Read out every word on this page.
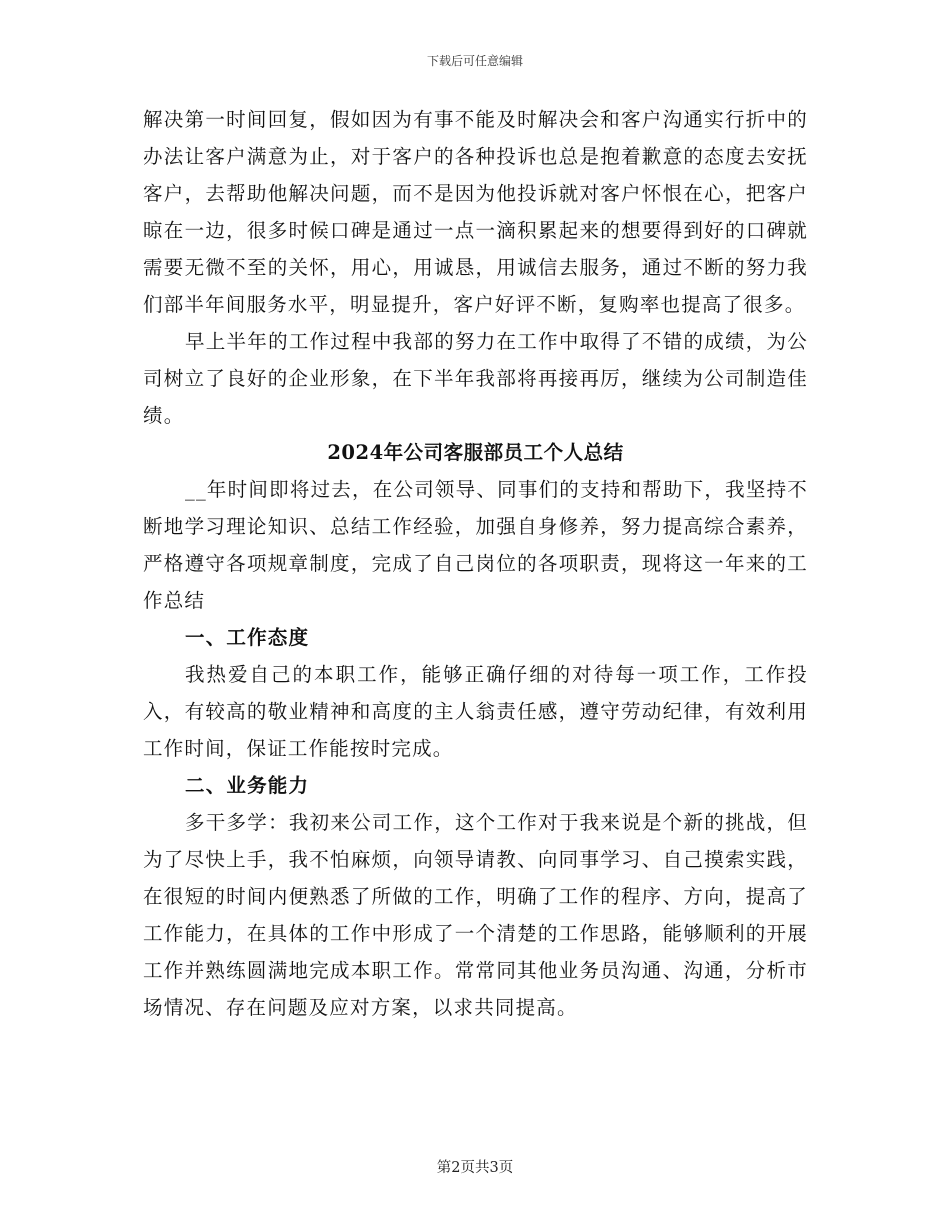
下载后可任意编辑

解决第一时间回复，假如因为有事不能及时解决会和客户沟通实行折中的办法让客户满意为止，对于客户的各种投诉也总是抱着歉意的态度去安抚客户，去帮助他解决问题，而不是因为他投诉就对客户怀恨在心，把客户晾在一边，很多时候口碑是通过一点一滴积累起来的想要得到好的口碑就需要无微不至的关怀，用心，用诚恳，用诚信去服务，通过不断的努力我们部半年间服务水平，明显提升，客户好评不断，复购率也提高了很多。

早上半年的工作过程中我部的努力在工作中取得了不错的成绩，为公司树立了良好的企业形象，在下半年我部将再接再厉，继续为公司制造佳绩。

2024年公司客服部员工个人总结

__年时间即将过去，在公司领导、同事们的支持和帮助下，我坚持不断地学习理论知识、总结工作经验，加强自身修养，努力提高综合素养，严格遵守各项规章制度，完成了自己岗位的各项职责，现将这一年来的工作总结

一、工作态度

我热爱自己的本职工作，能够正确仔细的对待每一项工作，工作投入，有较高的敬业精神和高度的主人翁责任感，遵守劳动纪律，有效利用工作时间，保证工作能按时完成。

二、业务能力

多干多学：我初来公司工作，这个工作对于我来说是个新的挑战，但为了尽快上手，我不怕麻烦，向领导请教、向同事学习、自己摸索实践，在很短的时间内便熟悉了所做的工作，明确了工作的程序、方向，提高了工作能力，在具体的工作中形成了一个清楚的工作思路，能够顺利的开展工作并熟练圆满地完成本职工作。常常同其他业务员沟通、沟通，分析市场情况、存在问题及应对方案，以求共同提高。

第2页共3页
